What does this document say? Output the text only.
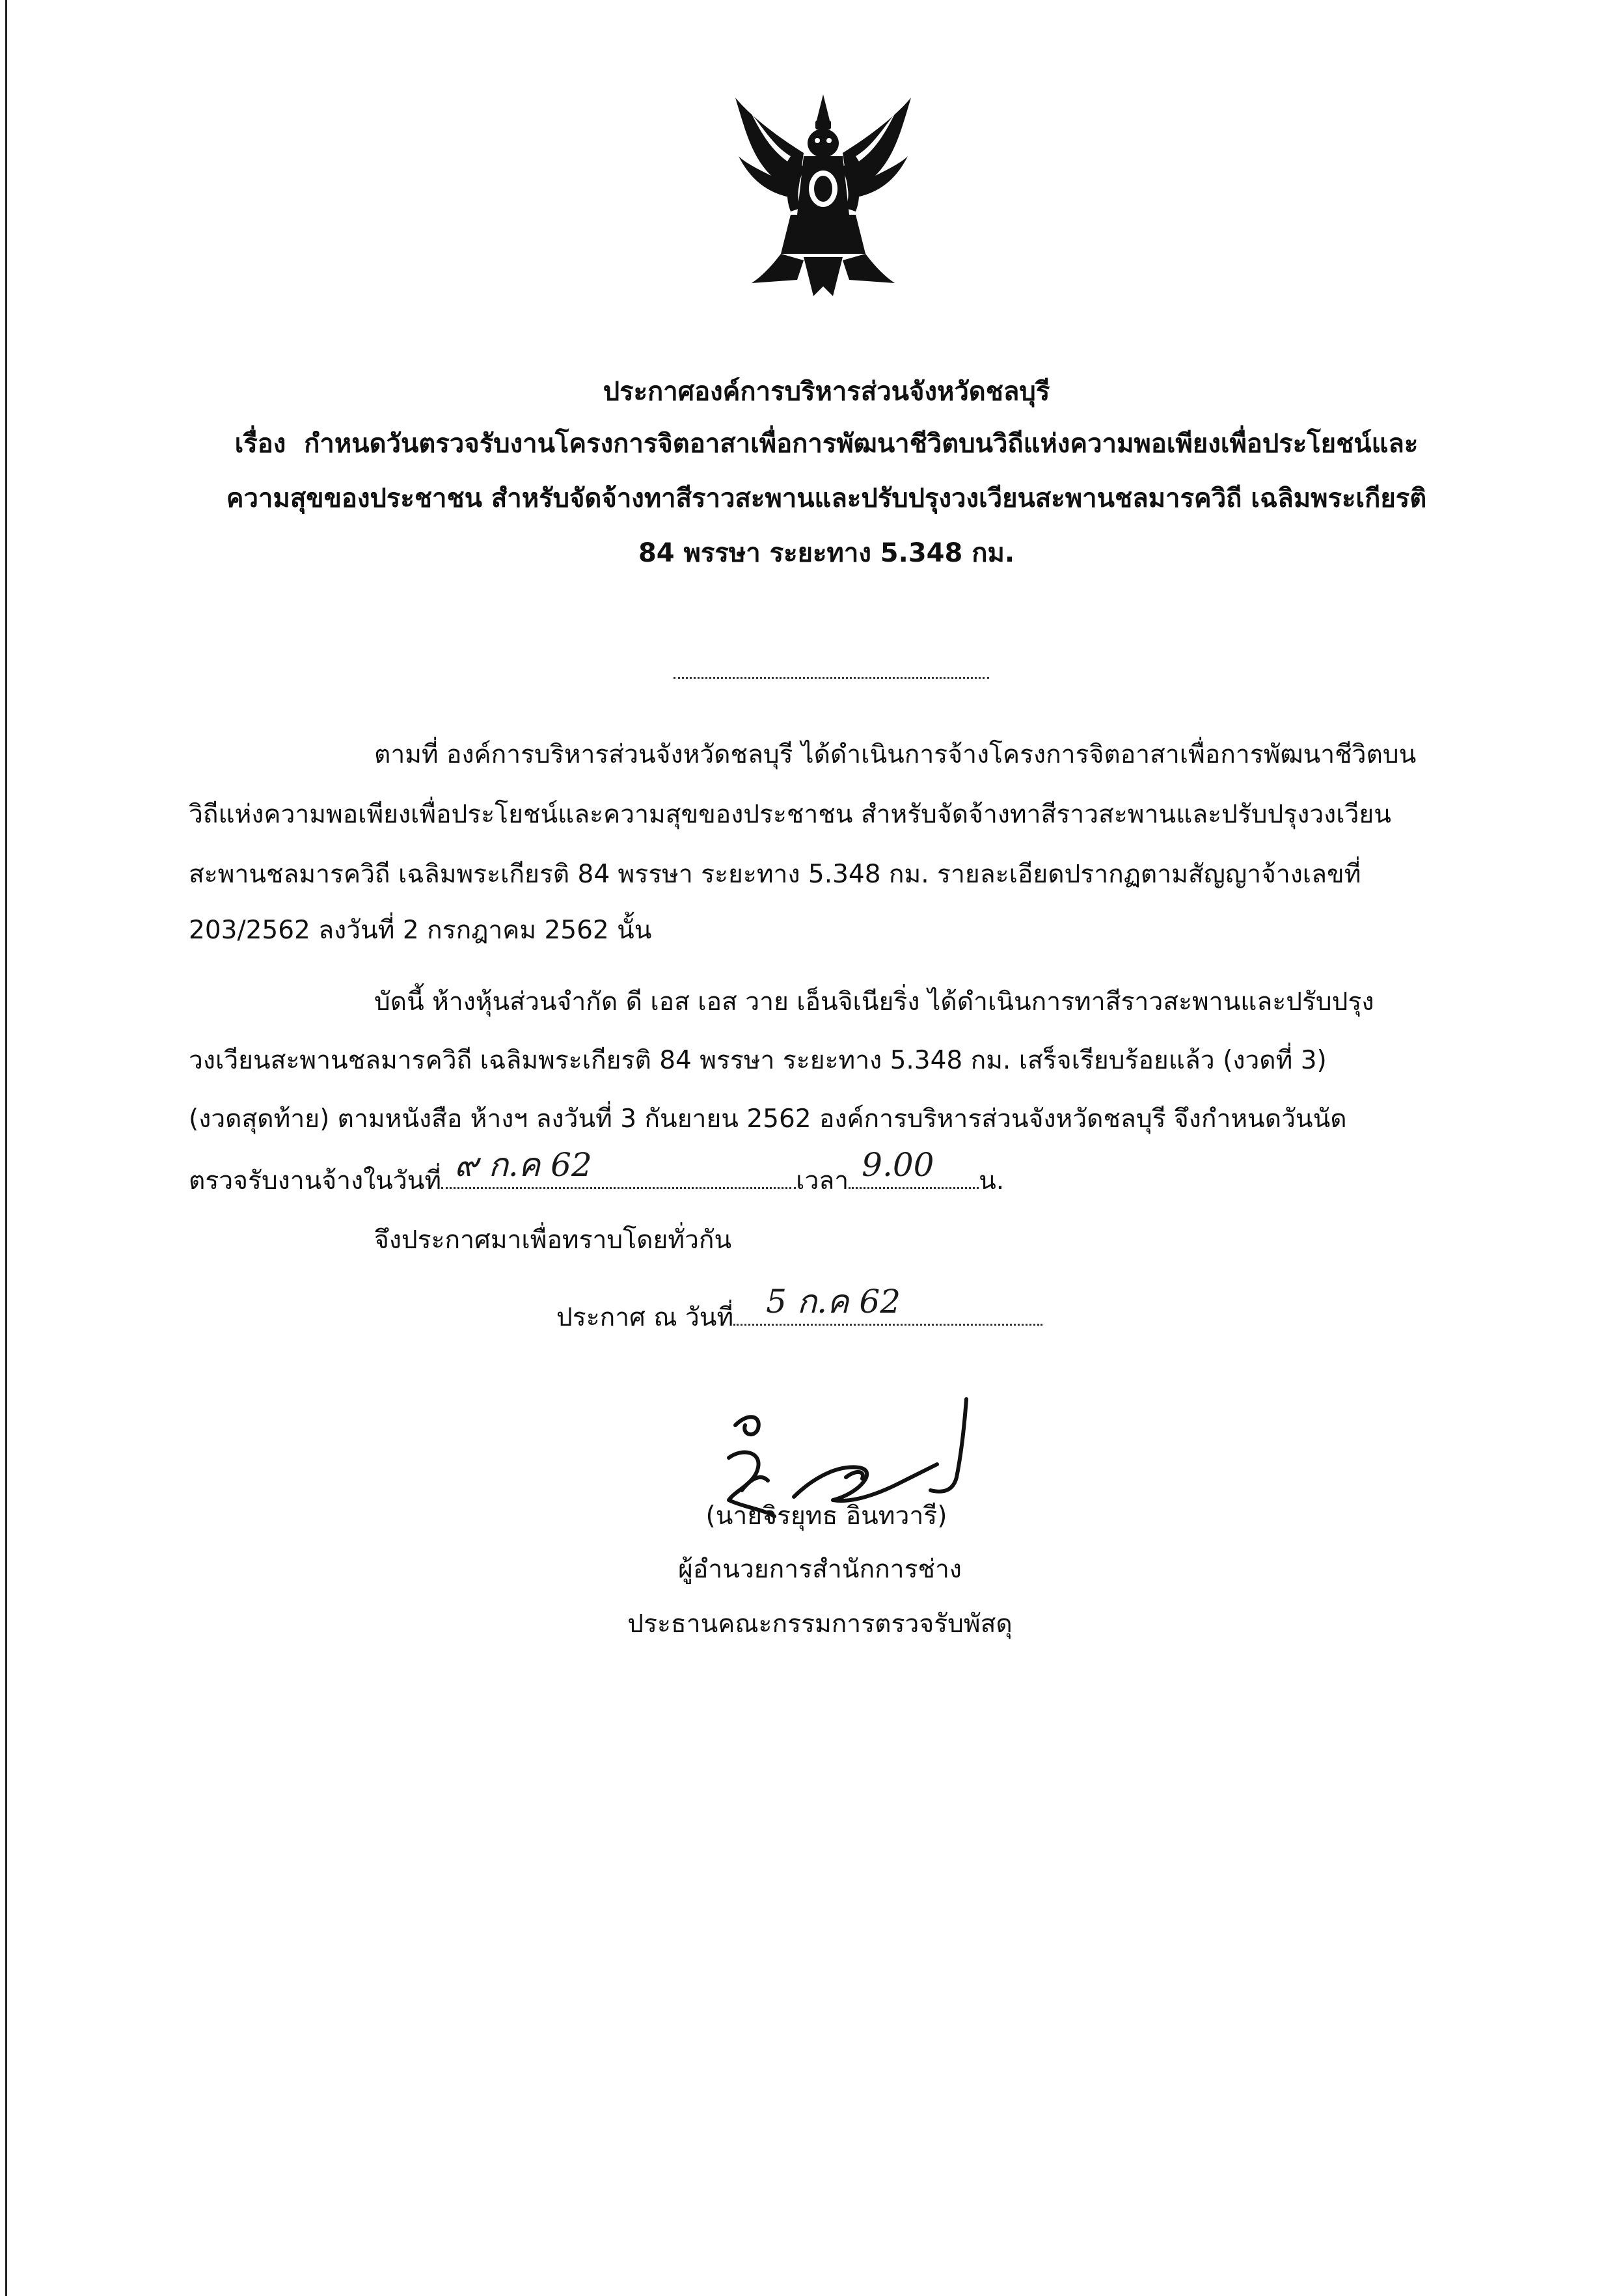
ประกาศองค์การบริหารส่วนจังหวัดชลบุรี
เรื่อง กำหนดวันตรวจรับงานโครงการจิตอาสาเพื่อการพัฒนาชีวิตบนวิถีแห่งความพอเพียงเพื่อประโยชน์และ
ความสุขของประชาชน สำหรับจัดจ้างทาสีราวสะพานและปรับปรุงวงเวียนสะพานชลมารควิถี เฉลิมพระเกียรติ
84 พรรษา ระยะทาง 5.348 กม.
ตามที่ องค์การบริหารส่วนจังหวัดชลบุรี ได้ดำเนินการจ้างโครงการจิตอาสาเพื่อการพัฒนาชีวิตบน
วิถีแห่งความพอเพียงเพื่อประโยชน์และความสุขของประชาชน สำหรับจัดจ้างทาสีราวสะพานและปรับปรุงวงเวียน
สะพานชลมารควิถี เฉลิมพระเกียรติ 84 พรรษา ระยะทาง 5.348 กม. รายละเอียดปรากฏตามสัญญาจ้างเลขที่
203/2562 ลงวันที่ 2 กรกฎาคม 2562 นั้น
บัดนี้ ห้างหุ้นส่วนจำกัด ดี เอส เอส วาย เอ็นจิเนียริ่ง ได้ดำเนินการทาสีราวสะพานและปรับปรุง
วงเวียนสะพานชลมารควิถี เฉลิมพระเกียรติ 84 พรรษา ระยะทาง 5.348 กม. เสร็จเรียบร้อยแล้ว (งวดที่ 3)
(งวดสุดท้าย) ตามหนังสือ ห้างฯ ลงวันที่ 3 กันยายน 2562 องค์การบริหารส่วนจังหวัดชลบุรี จึงกำหนดวันนัด
ตรวจรับงานจ้างในวันที่ ๙ ก.ค 62	เวลา 9.00 น.
จึงประกาศมาเพื่อทราบโดยทั่วกัน
ประกาศ ณ วันที่ 5 ก.ค 62
(นายจิรยุทธ อินทวารี)
ผู้อำนวยการสำนักการช่าง
ประธานคณะกรรมการตรวจรับพัสดุ
